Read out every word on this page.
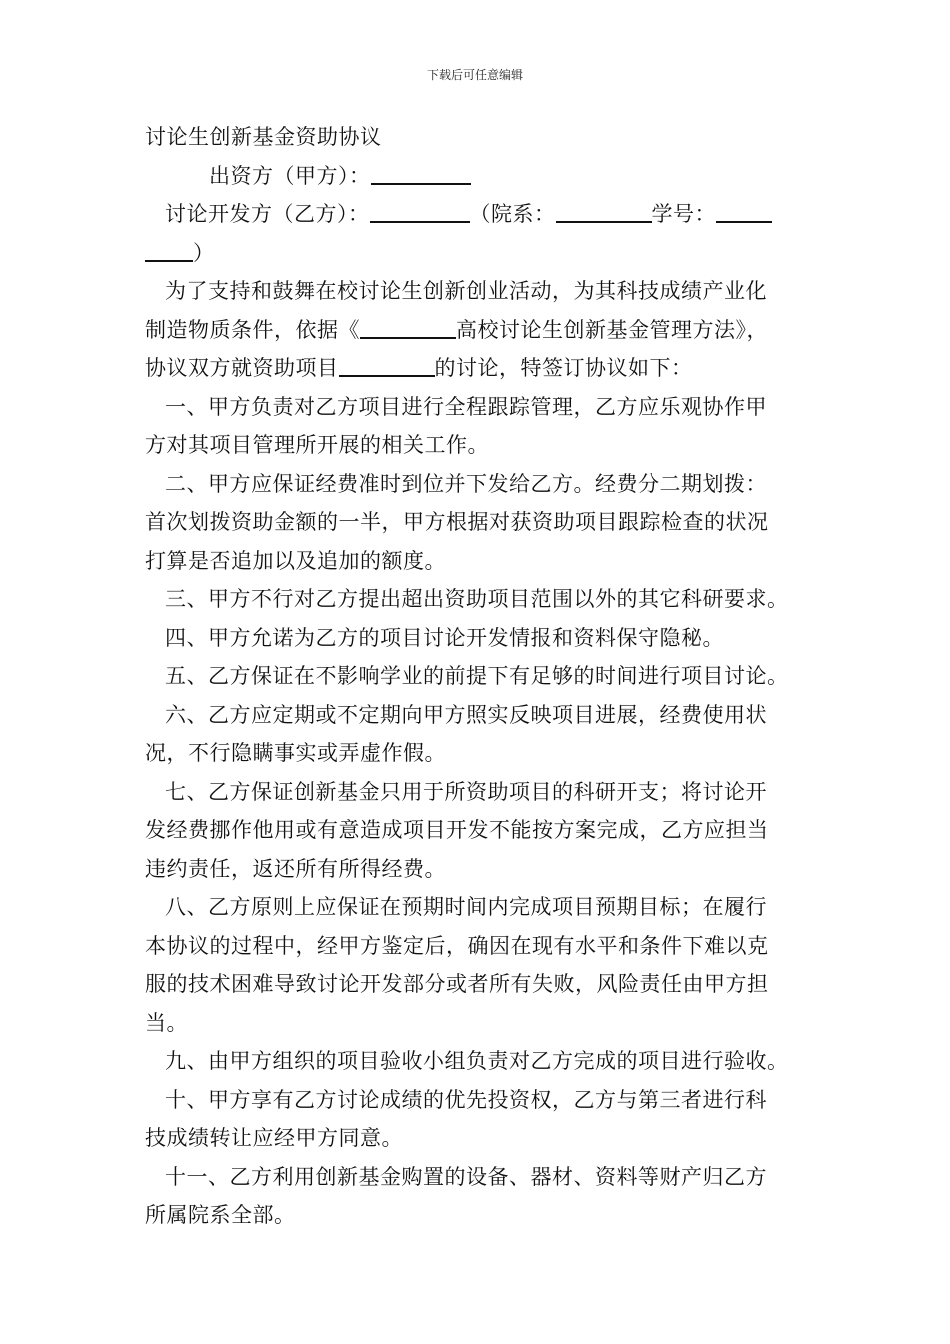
下载后可任意编辑
讨论生创新基金资助协议
出资方（甲方）：
讨论开发方（乙方）：	（院系：	学号：
）
为了支持和鼓舞在校讨论生创新创业活动，为其科技成绩产业化
制造物质条件，依据《	高校讨论生创新基金管理方法》，
协议双方就资助项目	的讨论，特签订协议如下：
一、甲方负责对乙方项目进行全程跟踪管理，乙方应乐观协作甲
方对其项目管理所开展的相关工作。
二、甲方应保证经费准时到位并下发给乙方。经费分二期划拨：
首次划拨资助金额的一半，甲方根据对获资助项目跟踪检查的状况
打算是否追加以及追加的额度。
三、甲方不行对乙方提出超出资助项目范围以外的其它科研要求。
四、甲方允诺为乙方的项目讨论开发情报和资料保守隐秘。
五、乙方保证在不影响学业的前提下有足够的时间进行项目讨论。
六、乙方应定期或不定期向甲方照实反映项目进展，经费使用状
况，不行隐瞒事实或弄虚作假。
七、乙方保证创新基金只用于所资助项目的科研开支；将讨论开
发经费挪作他用或有意造成项目开发不能按方案完成，乙方应担当
违约责任，返还所有所得经费。
八、乙方原则上应保证在预期时间内完成项目预期目标；在履行
本协议的过程中，经甲方鉴定后，确因在现有水平和条件下难以克
服的技术困难导致讨论开发部分或者所有失败，风险责任由甲方担
当。
九、由甲方组织的项目验收小组负责对乙方完成的项目进行验收。
十、甲方享有乙方讨论成绩的优先投资权，乙方与第三者进行科
技成绩转让应经甲方同意。
十一、乙方利用创新基金购置的设备、器材、资料等财产归乙方
所属院系全部。
